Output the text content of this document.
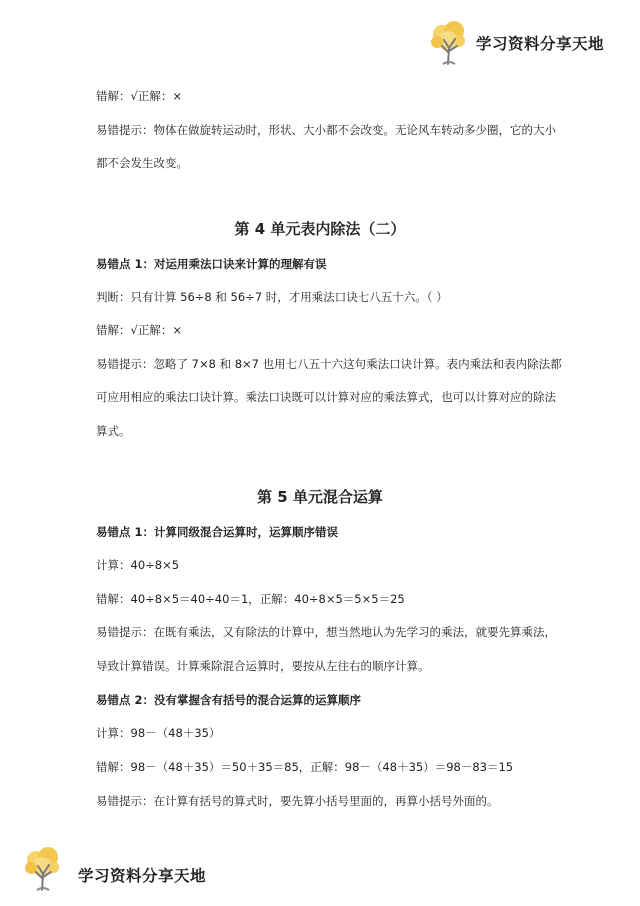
学习资料分享天地

错解：√正解：×

易错提示：物体在做旋转运动时，形状、大小都不会改变。无论风车转动多少圈，它的大小

都不会发生改变。

第 4 单元表内除法（二）

易错点 1：对运用乘法口诀来计算的理解有误

判断：只有计算 56÷8 和 56÷7 时，才用乘法口诀七八五十六。（ ）

错解：√正解：×

易错提示：忽略了 7×8 和 8×7 也用七八五十六这句乘法口诀计算。表内乘法和表内除法都

可应用相应的乘法口诀计算。乘法口诀既可以计算对应的乘法算式，也可以计算对应的除法

算式。

第 5 单元混合运算

易错点 1：计算同级混合运算时，运算顺序错误

计算：40÷8×5

错解：40÷8×5＝40÷40＝1，正解：40÷8×5＝5×5＝25

易错提示：在既有乘法，又有除法的计算中，想当然地认为先学习的乘法，就要先算乘法，

导致计算错误。计算乘除混合运算时，要按从左往右的顺序计算。

易错点 2：没有掌握含有括号的混合运算的运算顺序

计算：98－（48＋35）

错解：98－（48＋35）＝50＋35＝85，正解：98－（48＋35）＝98－83＝15

易错提示：在计算有括号的算式时，要先算小括号里面的，再算小括号外面的。

学习资料分享天地
